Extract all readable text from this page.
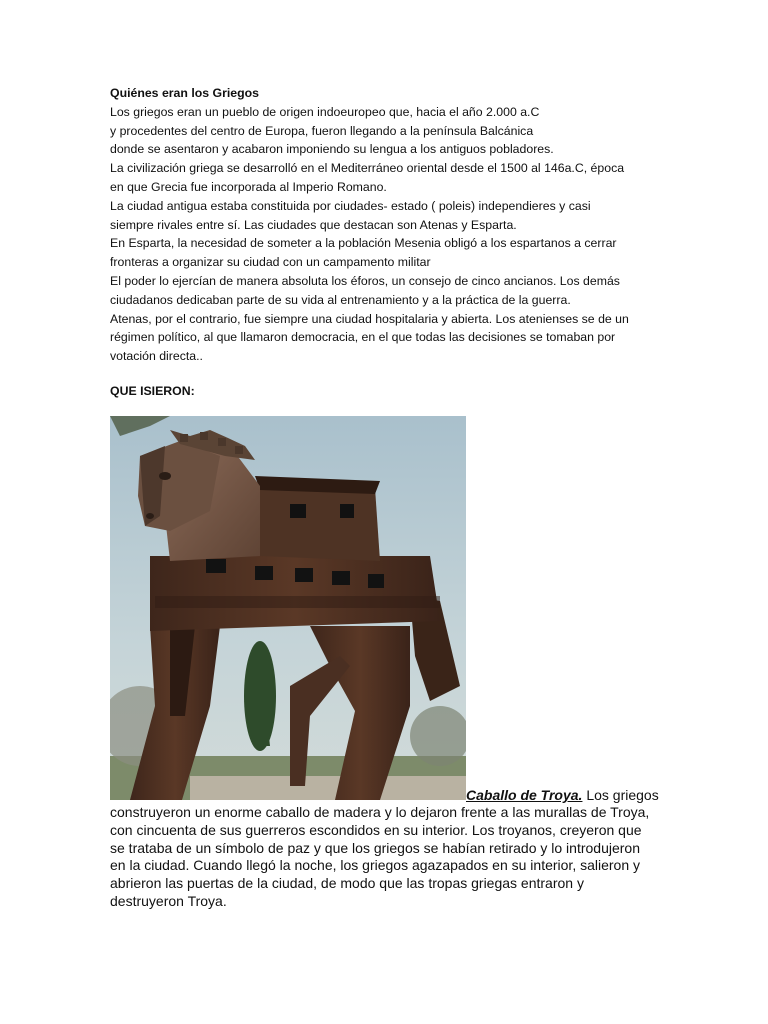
Quiénes eran los Griegos

Los griegos eran un pueblo de origen indoeuropeo que, hacia el año 2.000 a.C

y procedentes del centro de Europa, fueron llegando a la península Balcánica

donde se asentaron y acabaron imponiendo su lengua a los antiguos pobladores.

La civilización griega se desarrolló en el Mediterráneo oriental desde el 1500 al 146a.C, época

en que Grecia fue incorporada al Imperio Romano.

La ciudad antigua estaba constituida por ciudades- estado ( poleis) independieres y casi

siempre rivales entre sí. Las ciudades que destacan son Atenas y Esparta.

En Esparta, la necesidad de someter a la población Mesenia obligó a los espartanos a cerrar

fronteras a organizar su ciudad con un campamento militar

El poder lo ejercían de manera absoluta los éforos, un consejo de cinco ancianos. Los demás

ciudadanos dedicaban parte de su vida al entrenamiento y a la práctica de la guerra.

Atenas, por el contrario, fue siempre una ciudad hospitalaria y abierta. Los atenienses se de un

régimen político, al que llamaron democracia, en el que todas las decisiones se tomaban por

votación directa..

QUE ISIERON:
Caballo de Troya. Los griegos

construyeron un enorme caballo de madera y lo dejaron frente a las murallas de Troya,

con cincuenta de sus guerreros escondidos en su interior. Los troyanos, creyeron que

se trataba de un símbolo de paz y que los griegos se habían retirado y lo introdujeron

en la ciudad. Cuando llegó la noche, los griegos agazapados en su interior, salieron y

abrieron las puertas de la ciudad, de modo que las tropas griegas entraron y

destruyeron Troya.
